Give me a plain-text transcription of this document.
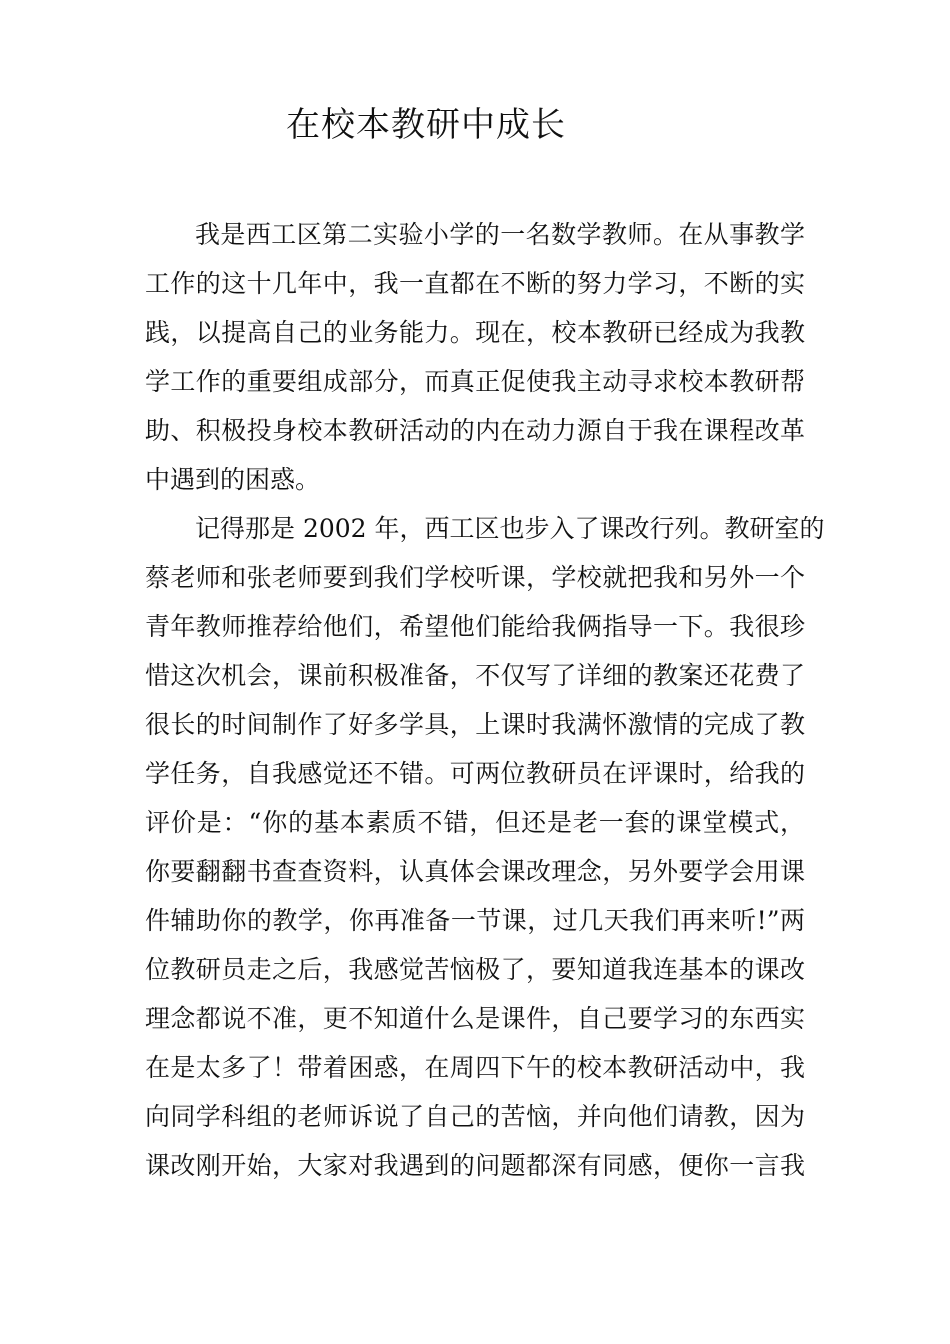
在校本教研中成长
我是西工区第二实验小学的一名数学教师。在从事教学
工作的这十几年中，我一直都在不断的努力学习，不断的实
践，以提高自己的业务能力。现在，校本教研已经成为我教
学工作的重要组成部分，而真正促使我主动寻求校本教研帮
助、积极投身校本教研活动的内在动力源自于我在课程改革
中遇到的困惑。
记得那是 2002 年，西工区也步入了课改行列。教研室的
蔡老师和张老师要到我们学校听课，学校就把我和另外一个
青年教师推荐给他们，希望他们能给我俩指导一下。我很珍
惜这次机会，课前积极准备，不仅写了详细的教案还花费了
很长的时间制作了好多学具，上课时我满怀激情的完成了教
学任务，自我感觉还不错。可两位教研员在评课时，给我的
评价是：“你的基本素质不错，但还是老一套的课堂模式，
你要翻翻书查查资料，认真体会课改理念，另外要学会用课
件辅助你的教学，你再准备一节课，过几天我们再来听!”两
位教研员走之后，我感觉苦恼极了，要知道我连基本的课改
理念都说不准，更不知道什么是课件，自己要学习的东西实
在是太多了！带着困惑，在周四下午的校本教研活动中，我
向同学科组的老师诉说了自己的苦恼，并向他们请教，因为
课改刚开始，大家对我遇到的问题都深有同感，便你一言我
